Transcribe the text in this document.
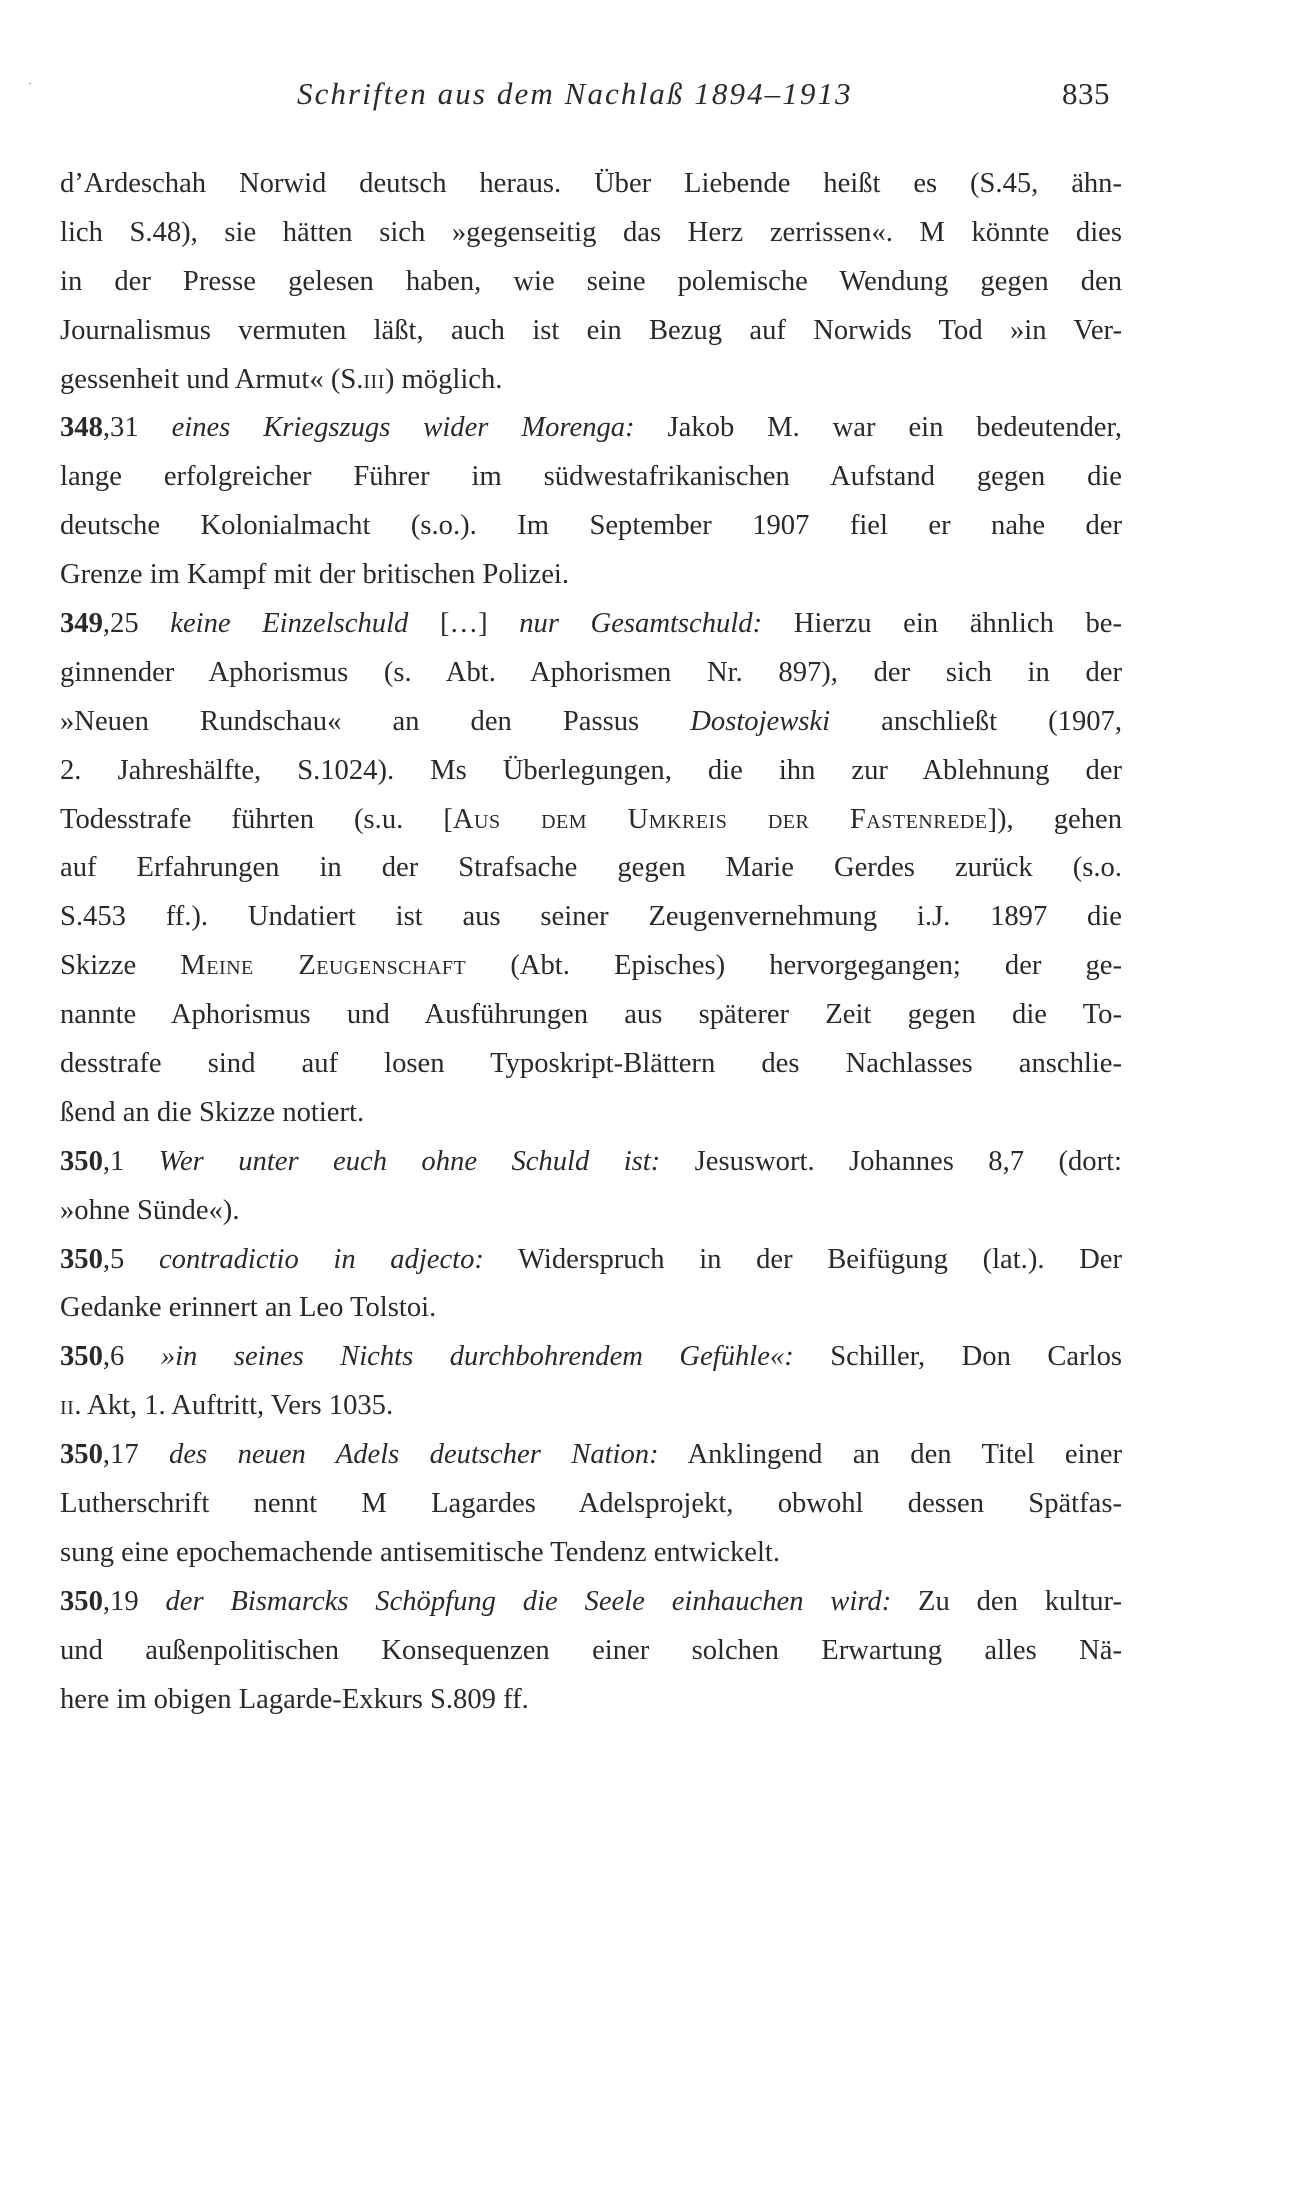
Schriften aus dem Nachlaß 1894–1913	835
d’Ardeschah Norwid deutsch heraus. Über Liebende heißt es (S.45, ähn-
lich S.48), sie hätten sich »gegenseitig das Herz zerrissen«. M könnte dies
in der Presse gelesen haben, wie seine polemische Wendung gegen den
Journalismus vermuten läßt, auch ist ein Bezug auf Norwids Tod »in Ver-
gessenheit und Armut« (S.iii) möglich.
348,31 eines Kriegszugs wider Morenga: Jakob M. war ein bedeutender,
lange erfolgreicher Führer im südwestafrikanischen Aufstand gegen die
deutsche Kolonialmacht (s.o.). Im September 1907 fiel er nahe der
Grenze im Kampf mit der britischen Polizei.
349,25 keine Einzelschuld […] nur Gesamtschuld: Hierzu ein ähnlich be-
ginnender Aphorismus (s. Abt. Aphorismen Nr. 897), der sich in der
»Neuen Rundschau« an den Passus Dostojewski anschließt (1907,
2. Jahreshälfte, S.1024). Ms Überlegungen, die ihn zur Ablehnung der
Todesstrafe führten (s.u. [Aus dem Umkreis der Fastenrede]), gehen
auf Erfahrungen in der Strafsache gegen Marie Gerdes zurück (s.o.
S.453 ff.). Undatiert ist aus seiner Zeugenvernehmung i.J. 1897 die
Skizze Meine Zeugenschaft (Abt. Episches) hervorgegangen; der ge-
nannte Aphorismus und Ausführungen aus späterer Zeit gegen die To-
desstrafe sind auf losen Typoskript-Blättern des Nachlasses anschlie-
ßend an die Skizze notiert.
350,1 Wer unter euch ohne Schuld ist: Jesuswort. Johannes 8,7 (dort:
»ohne Sünde«).
350,5 contradictio in adjecto: Widerspruch in der Beifügung (lat.). Der
Gedanke erinnert an Leo Tolstoi.
350,6 »in seines Nichts durchbohrendem Gefühle«: Schiller, Don Carlos
ii. Akt, 1. Auftritt, Vers 1035.
350,17 des neuen Adels deutscher Nation: Anklingend an den Titel einer
Lutherschrift nennt M Lagardes Adelsprojekt, obwohl dessen Spätfas-
sung eine epochemachende antisemitische Tendenz entwickelt.
350,19 der Bismarcks Schöpfung die Seele einhauchen wird: Zu den kultur-
und außenpolitischen Konsequenzen einer solchen Erwartung alles Nä-
here im obigen Lagarde-Exkurs S.809 ff.
